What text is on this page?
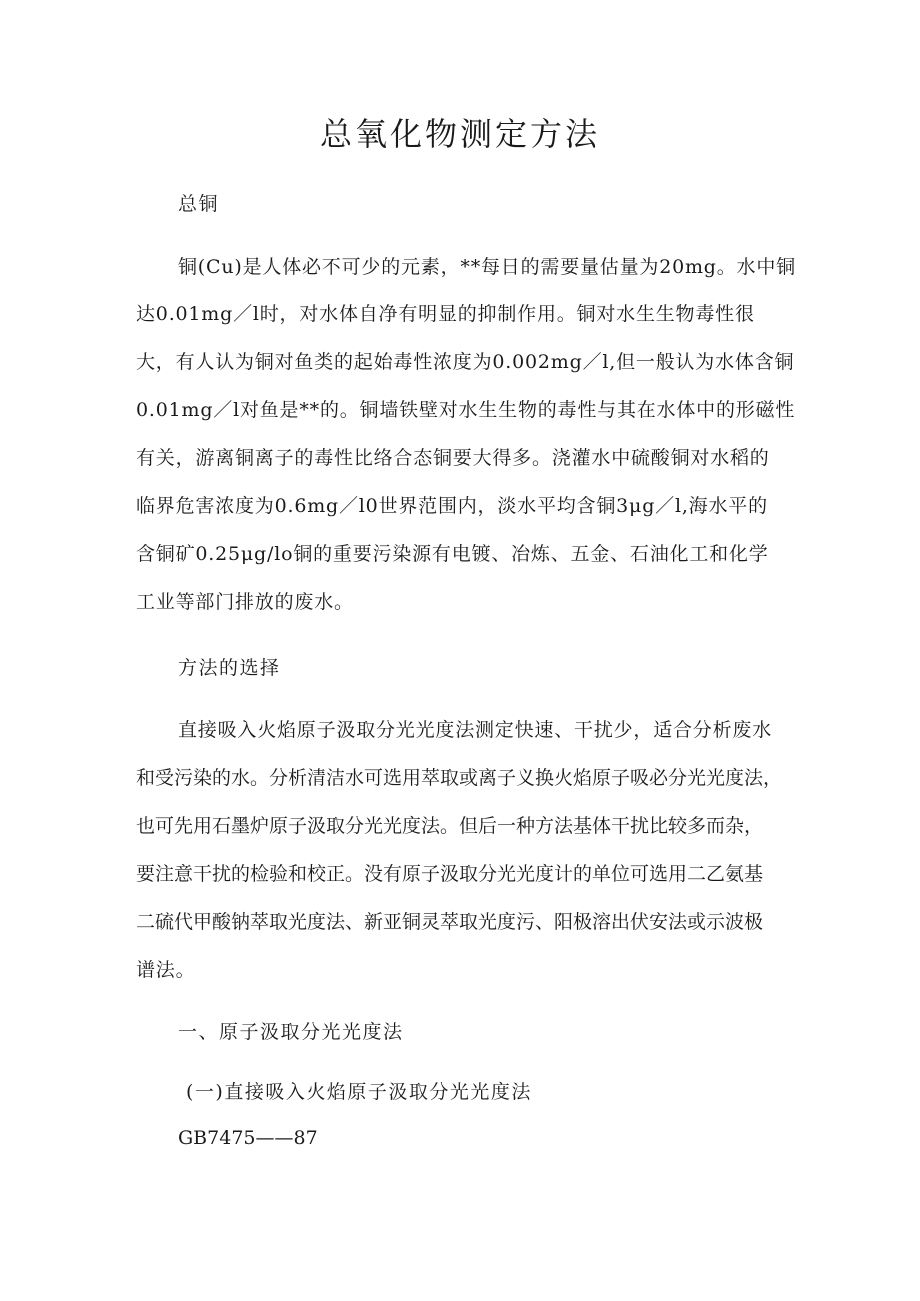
总氧化物测定方法

总铜

铜(Cu)是人体必不可少的元素，**每日的需要量估量为20mg。水中铜

达0.01mg／l时，对水体自净有明显的抑制作用。铜对水生生物毒性很

大，有人认为铜对鱼类的起始毒性浓度为0.002mg／l,但一般认为水体含铜

0.01mg／l对鱼是**的。铜墙铁壁对水生生物的毒性与其在水体中的形磁性

有关，游离铜离子的毒性比络合态铜要大得多。浇灌水中硫酸铜对水稻的

临界危害浓度为0.6mg／l0世界范围内，淡水平均含铜3μg／l,海水平的

含铜矿0.25μg/lo铜的重要污染源有电镀、冶炼、五金、石油化工和化学

工业等部门排放的废水。

方法的选择

直接吸入火焰原子汲取分光光度法测定快速、干扰少，适合分析废水

和受污染的水。分析清洁水可选用萃取或离子义换火焰原子吸必分光光度法，

也可先用石墨炉原子汲取分光光度法。但后一种方法基体干扰比较多而杂，

要注意干扰的检验和校正。没有原子汲取分光光度计的单位可选用二乙氨基

二硫代甲酸钠萃取光度法、新亚铜灵萃取光度污、阳极溶出伏安法或示波极

谱法。

一、原子汲取分光光度法

(一)直接吸入火焰原子汲取分光光度法

GB7475——87
